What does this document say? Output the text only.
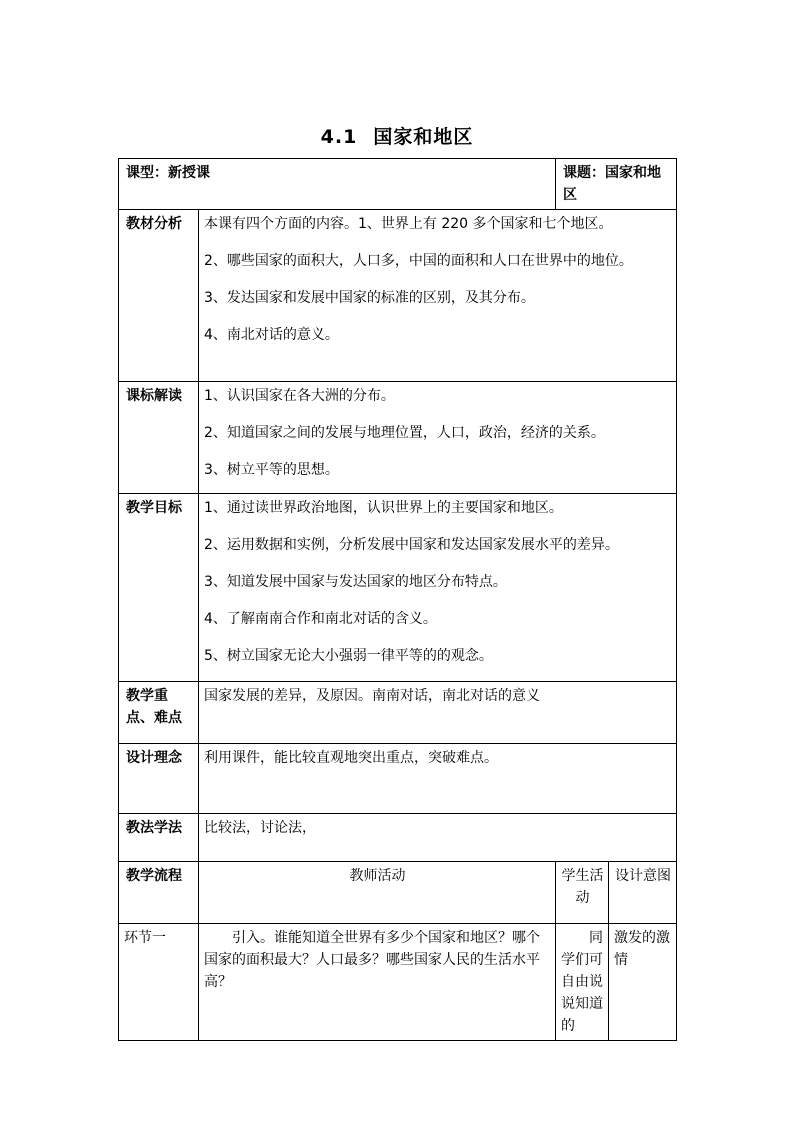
4.1 国家和地区
课型：新授课		课题：国家和地区	
教材分析	本课有四个方面的内容。1、世界上有 220 多个国家和七个地区。
2、哪些国家的面积大，人口多，中国的面积和人口在世界中的地位。
3、发达国家和发展中国家的标准的区别，及其分布。
4、南北对话的意义。		

课标解读	1、认识国家在各大洲的分布。
2、知道国家之间的发展与地理位置，人口，政治，经济的关系。
3、树立平等的思想。		

教学目标	1、通过读世界政治地图，认识世界上的主要国家和地区。
2、运用数据和实例，分析发展中国家和发达国家发展水平的差异。
3、知道发展中国家与发达国家的地区分布特点。
4、了解南南合作和南北对话的含义。
5、树立国家无论大小强弱一律平等的的观念。		

教学重点、难点	国家发展的差异，及原因。南南对话，南北对话的意义		
设计理念	利用课件，能比较直观地突出重点，突破难点。		
教法学法	比较法，讨论法，		
教学流程	教师活动	学生活动	设计意图
环节一	引入。谁能知道全世界有多少个国家和地区？哪个国家的面积最大？人口最多？哪些国家人民的生活水平高？	同学们可自由说说知道的	激发的激情
